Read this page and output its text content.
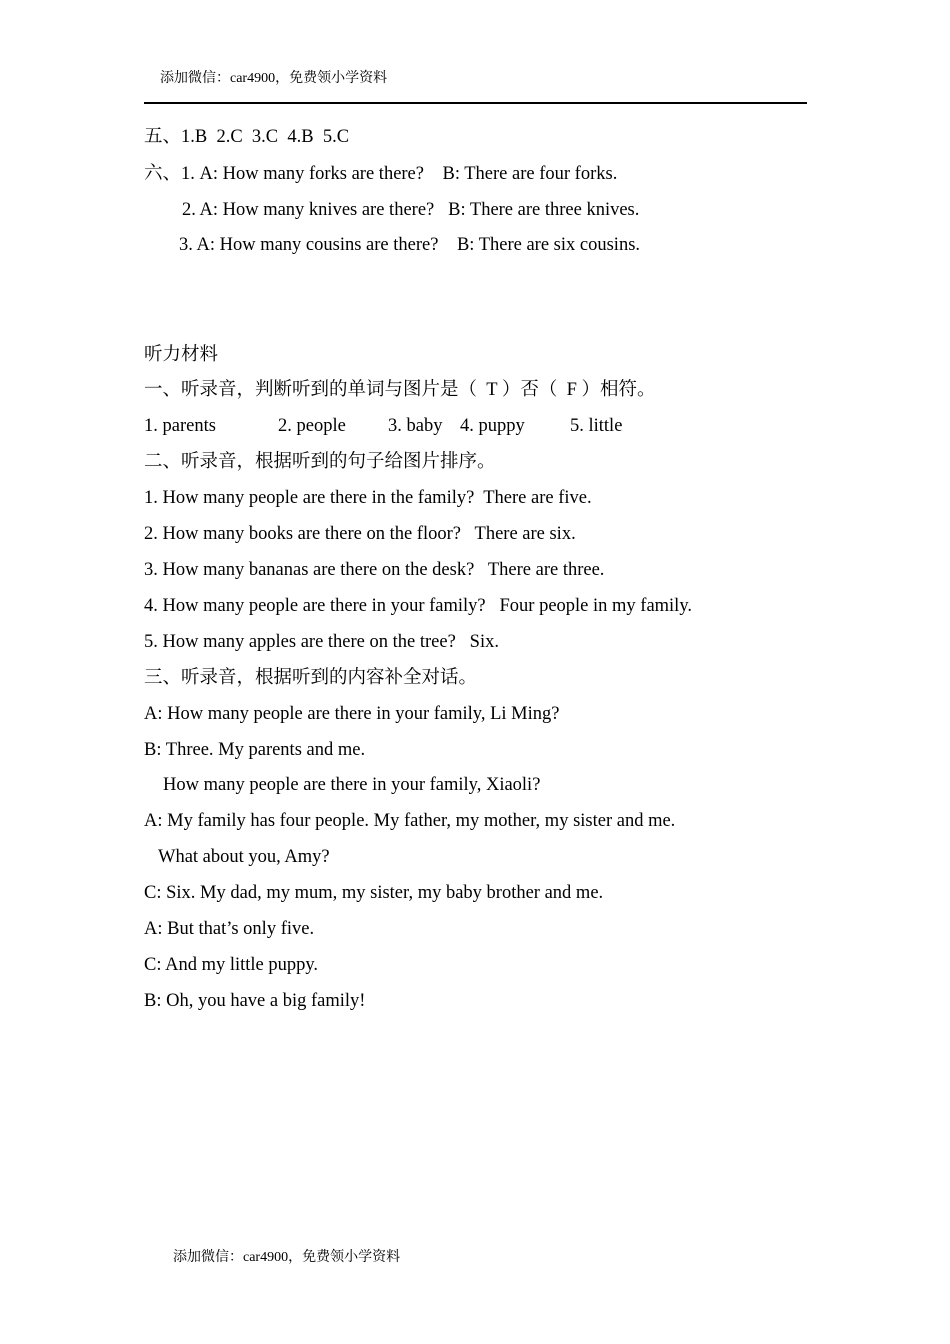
添加微信：car4900，免费领小学资料
五、1.B  2.C  3.C  4.B  5.C
六、1. A: How many forks are there?    B: There are four forks.
2. A: How many knives are there?   B: There are three knives.
3. A: How many cousins are there?    B: There are six cousins.
听力材料
一、听录音，判断听到的单词与图片是（  T ）否（  F ）相符。
1. parents	2. people 3. baby 4. puppy 5. little
二、听录音，根据听到的句子给图片排序。
1. How many people are there in the family?  There are five.
2. How many books are there on the floor?   There are six.
3. How many bananas are there on the desk?   There are three.
4. How many people are there in your family?   Four people in my family.
5. How many apples are there on the tree?   Six.
三、听录音，根据听到的内容补全对话。
A: How many people are there in your family, Li Ming?
B: Three. My parents and me.
How many people are there in your family, Xiaoli?
A: My family has four people. My father, my mother, my sister and me.
What about you, Amy?
C: Six. My dad, my mum, my sister, my baby brother and me.
A: But that’s only five.
C: And my little puppy.
B: Oh, you have a big family!
添加微信：car4900，免费领小学资料
